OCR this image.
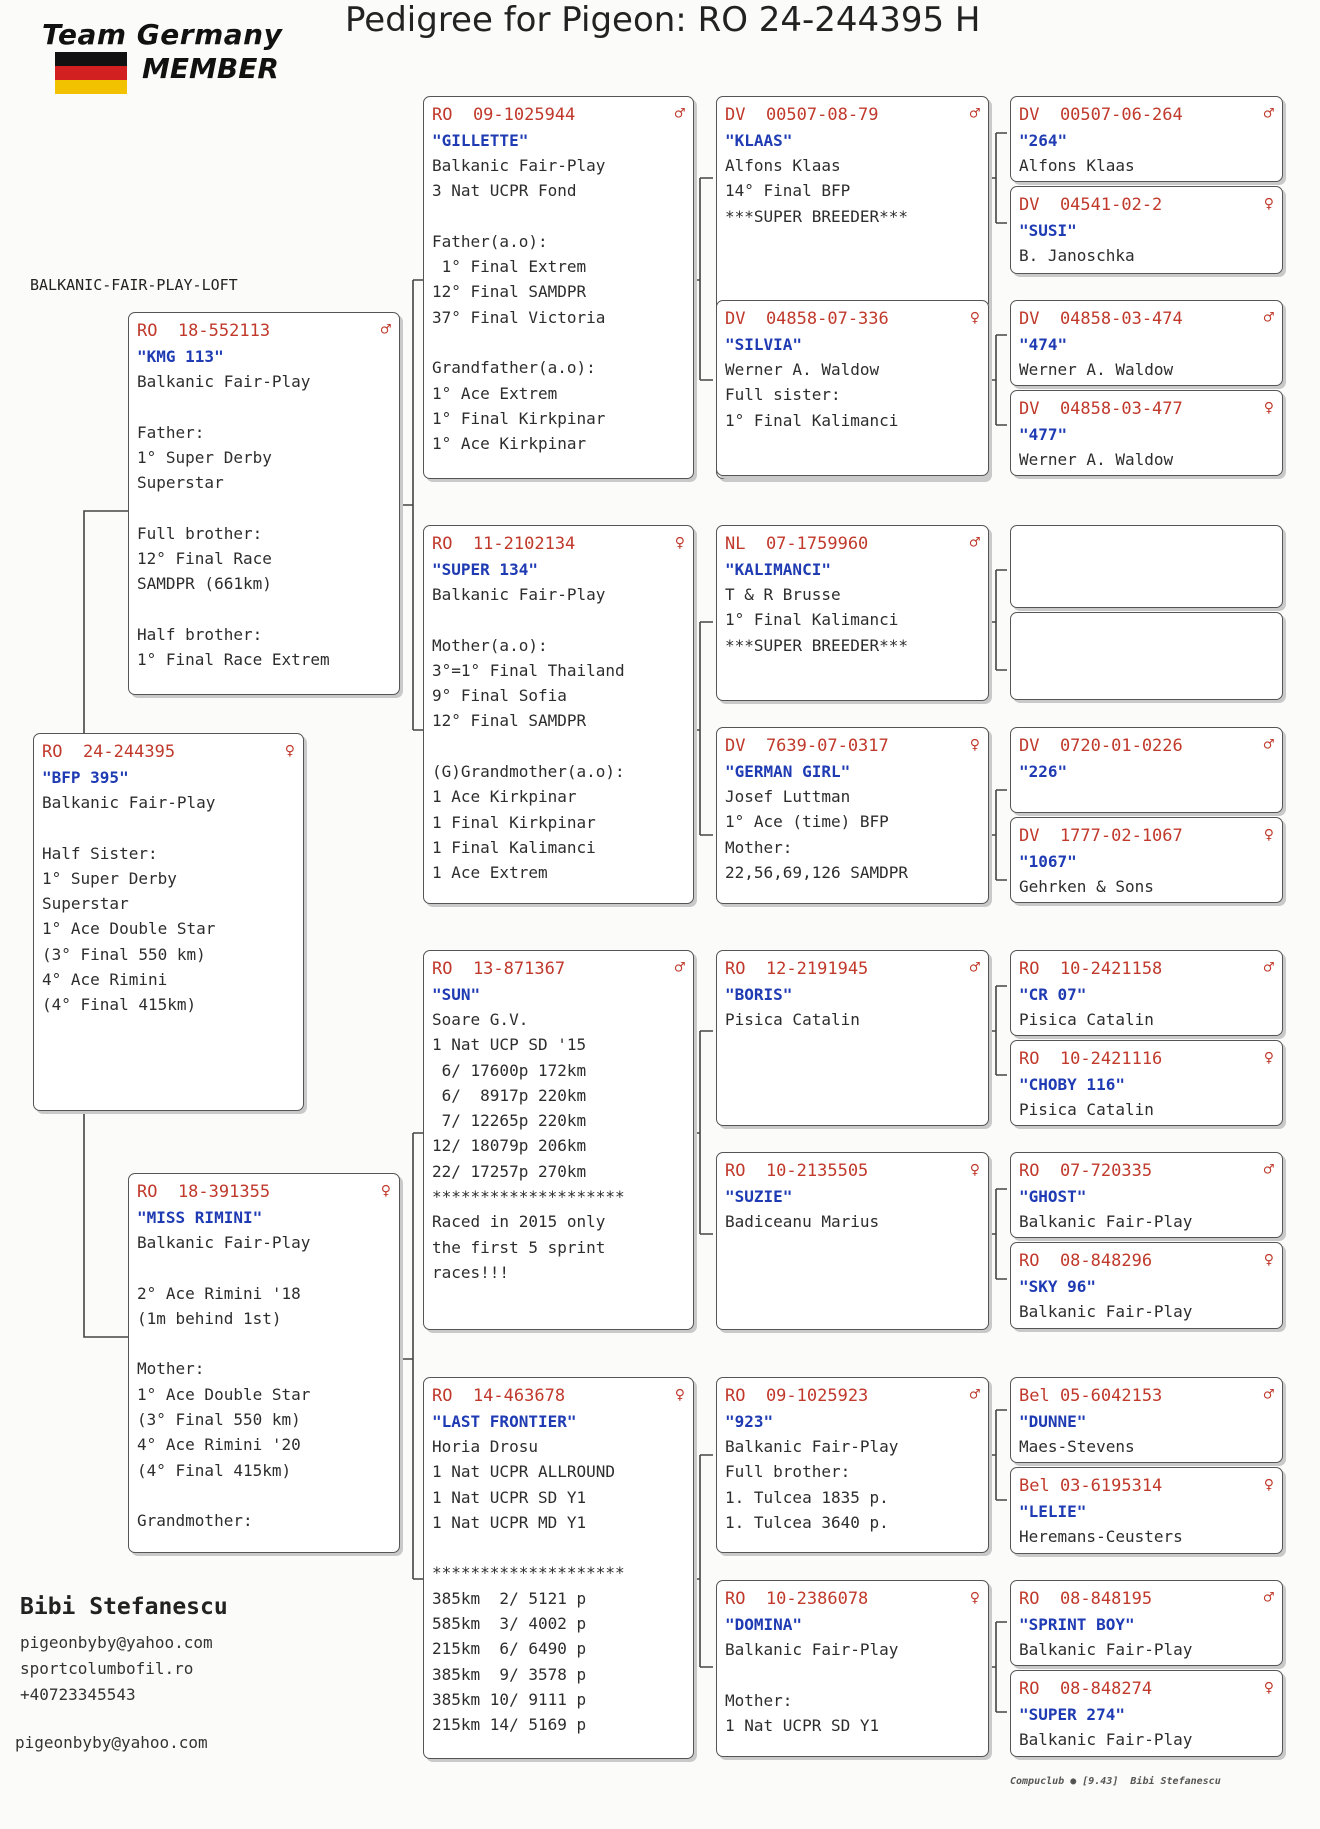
Team Germany
MEMBER
Pedigree for Pigeon: RO 24-244395 H
BALKANIC-FAIR-PLAY-LOFT
RO  24-244395	♀
"BFP 395"
Balkanic Fair-Play
Half Sister:
1° Super Derby
Superstar
1° Ace Double Star
(3° Final 550 km)
4° Ace Rimini
(4° Final 415km)
RO  18-552113	♂
"KMG 113"
Balkanic Fair-Play
Father:
1° Super Derby
Superstar
Full brother:
12° Final Race
SAMDPR (661km)
Half brother:
1° Final Race Extrem
RO  18-391355	♀
"MISS RIMINI"
Balkanic Fair-Play
2° Ace Rimini '18
(1m behind 1st)
Mother:
1° Ace Double Star
(3° Final 550 km)
4° Ace Rimini '20
(4° Final 415km)
Grandmother:
RO  09-1025944	♂
"GILLETTE"
Balkanic Fair-Play
3 Nat UCPR Fond
Father(a.o):
1° Final Extrem
12° Final SAMDPR
37° Final Victoria
Grandfather(a.o):
1° Ace Extrem
1° Final Kirkpinar
1° Ace Kirkpinar
RO  11-2102134	♀
"SUPER 134"
Balkanic Fair-Play
Mother(a.o):
3°=1° Final Thailand
9° Final Sofia
12° Final SAMDPR
(G)Grandmother(a.o):
1 Ace Kirkpinar
1 Final Kirkpinar
1 Final Kalimanci
1 Ace Extrem
RO  13-871367	♂
"SUN"
Soare G.V.
1 Nat UCP SD '15
6/ 17600p 172km
6/  8917p 220km
7/ 12265p 220km
12/ 18079p 206km
22/ 17257p 270km
********************
Raced in 2015 only
the first 5 sprint
races!!!
RO  14-463678	♀
"LAST FRONTIER"
Horia Drosu
1 Nat UCPR ALLROUND
1 Nat UCPR SD Y1
1 Nat UCPR MD Y1
********************
385km  2/ 5121 p
585km  3/ 4002 p
215km  6/ 6490 p
385km  9/ 3578 p
385km 10/ 9111 p
215km 14/ 5169 p
DV  00507-08-79	♂
"KLAAS"
Alfons Klaas
14° Final BFP
***SUPER BREEDER***
DV  04858-07-336	♀
"SILVIA"
Werner A. Waldow
Full sister:
1° Final Kalimanci
NL  07-1759960	♂
"KALIMANCI"
T & R Brusse
1° Final Kalimanci
***SUPER BREEDER***
DV  7639-07-0317	♀
"GERMAN GIRL"
Josef Luttman
1° Ace (time) BFP
Mother:
22,56,69,126 SAMDPR
RO  12-2191945	♂
"BORIS"
Pisica Catalin
RO  10-2135505	♀
"SUZIE"
Badiceanu Marius
RO  09-1025923	♂
"923"
Balkanic Fair-Play
Full brother:
1. Tulcea 1835 p.
1. Tulcea 3640 p.
RO  10-2386078	♀
"DOMINA"
Balkanic Fair-Play
Mother:
1 Nat UCPR SD Y1
DV  00507-06-264	♂
"264"
Alfons Klaas
DV  04541-02-2	♀
"SUSI"
B. Janoschka
DV  04858-03-474	♂
"474"
Werner A. Waldow
DV  04858-03-477	♀
"477"
Werner A. Waldow
DV  0720-01-0226	♂
"226"
DV  1777-02-1067	♀
"1067"
Gehrken & Sons
RO  10-2421158	♂
"CR 07"
Pisica Catalin
RO  10-2421116	♀
"CHOBY 116"
Pisica Catalin
RO  07-720335	♂
"GHOST"
Balkanic Fair-Play
RO  08-848296	♀
"SKY 96"
Balkanic Fair-Play
Bel 05-6042153	♂
"DUNNE"
Maes-Stevens
Bel 03-6195314	♀
"LELIE"
Heremans-Ceusters
RO  08-848195	♂
"SPRINT BOY"
Balkanic Fair-Play
RO  08-848274	♀
"SUPER 274"
Balkanic Fair-Play
Bibi Stefanescu
pigeonbyby@yahoo.com
sportcolumbofil.ro
+40723345543
pigeonbyby@yahoo.com
Compuclub ● [9.43]  Bibi Stefanescu
